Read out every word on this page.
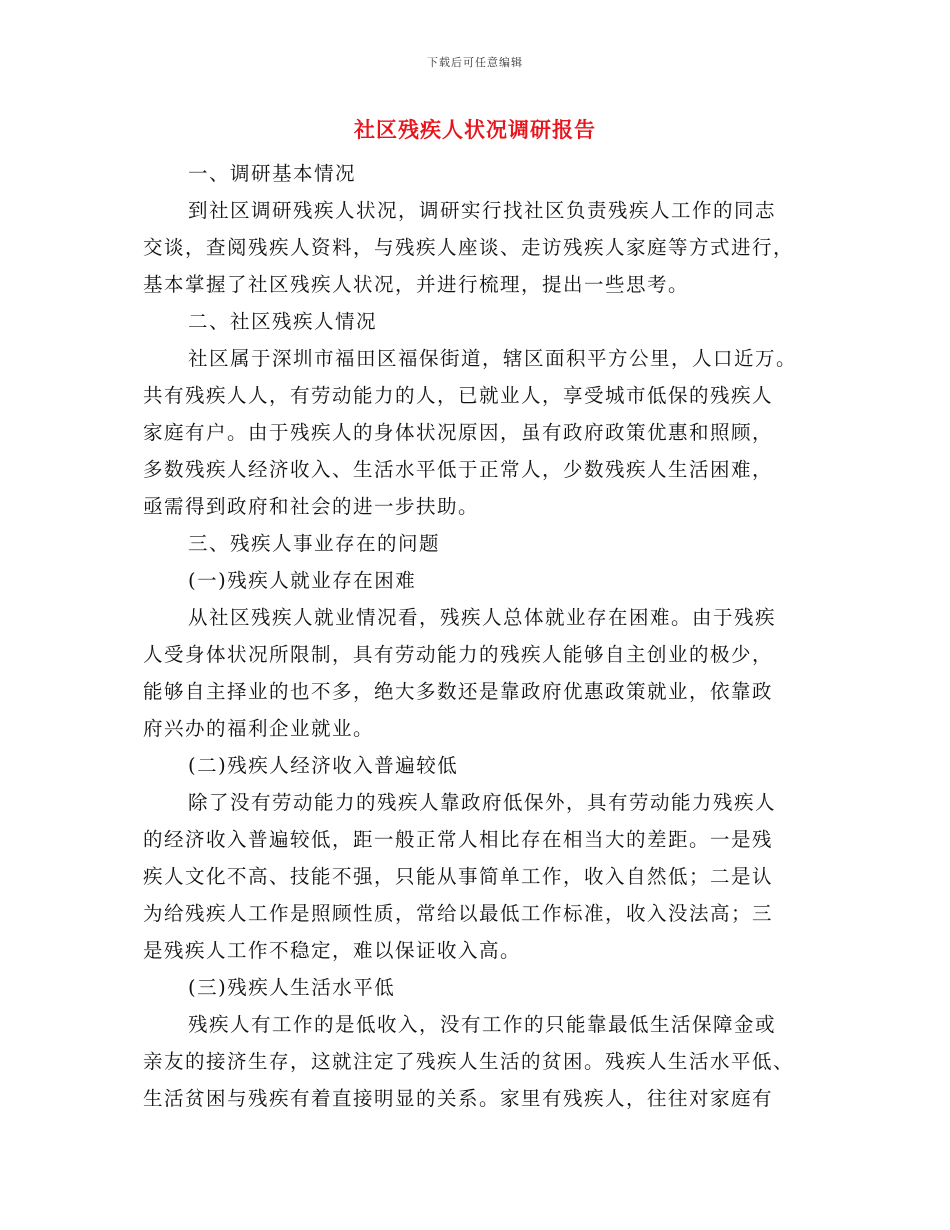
下载后可任意编辑
社区残疾人状况调研报告
一、调研基本情况
到社区调研残疾人状况，调研实行找社区负责残疾人工作的同志
交谈，查阅残疾人资料，与残疾人座谈、走访残疾人家庭等方式进行，
基本掌握了社区残疾人状况，并进行梳理，提出一些思考。
二、社区残疾人情况
社区属于深圳市福田区福保街道，辖区面积平方公里，人口近万。
共有残疾人人，有劳动能力的人，已就业人，享受城市低保的残疾人
家庭有户。由于残疾人的身体状况原因，虽有政府政策优惠和照顾，
多数残疾人经济收入、生活水平低于正常人，少数残疾人生活困难，
亟需得到政府和社会的进一步扶助。
三、残疾人事业存在的问题
(一)残疾人就业存在困难
从社区残疾人就业情况看，残疾人总体就业存在困难。由于残疾
人受身体状况所限制，具有劳动能力的残疾人能够自主创业的极少，
能够自主择业的也不多，绝大多数还是靠政府优惠政策就业，依靠政
府兴办的福利企业就业。
(二)残疾人经济收入普遍较低
除了没有劳动能力的残疾人靠政府低保外，具有劳动能力残疾人
的经济收入普遍较低，距一般正常人相比存在相当大的差距。一是残
疾人文化不高、技能不强，只能从事简单工作，收入自然低；二是认
为给残疾人工作是照顾性质，常给以最低工作标准，收入没法高；三
是残疾人工作不稳定，难以保证收入高。
(三)残疾人生活水平低
残疾人有工作的是低收入，没有工作的只能靠最低生活保障金或
亲友的接济生存，这就注定了残疾人生活的贫困。残疾人生活水平低、
生活贫困与残疾有着直接明显的关系。家里有残疾人，往往对家庭有
